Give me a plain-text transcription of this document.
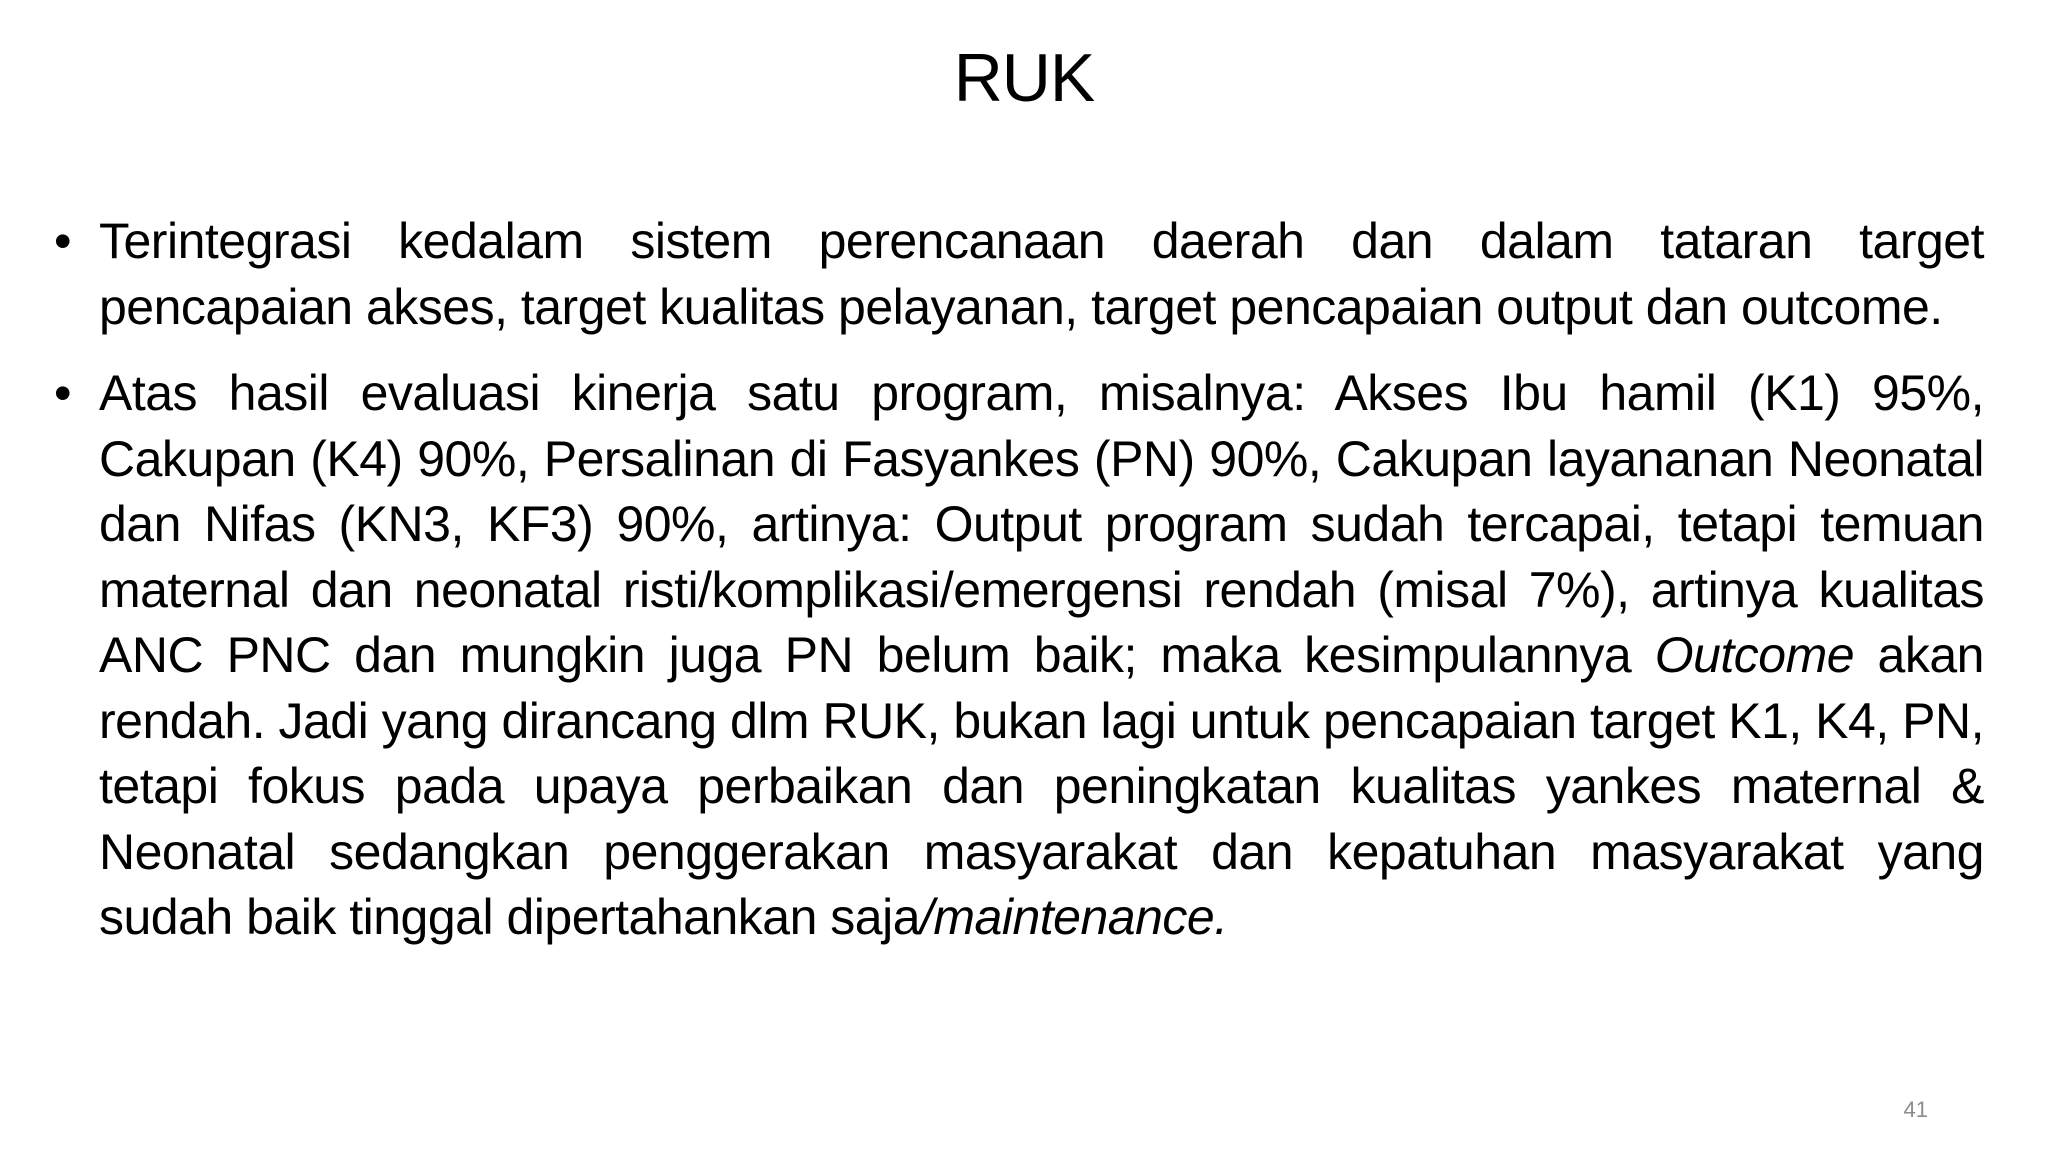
RUK
• Terintegrasi kedalam sistem perencanaan daerah dan dalam tataran target pencapaian akses, target kualitas pelayanan, target pencapaian output dan outcome.
• Atas hasil evaluasi kinerja satu program, misalnya: Akses Ibu hamil (K1) 95%, Cakupan (K4) 90%, Persalinan di Fasyankes (PN) 90%, Cakupan layananan Neonatal dan Nifas (KN3, KF3) 90%, artinya: Output program sudah tercapai, tetapi temuan maternal dan neonatal risti/komplikasi/emergensi rendah (misal 7%), artinya kualitas ANC PNC dan mungkin juga PN belum baik; maka kesimpulannya Outcome akan rendah. Jadi yang dirancang dlm RUK, bukan lagi untuk pencapaian target K1, K4, PN, tetapi fokus pada upaya perbaikan dan peningkatan kualitas yankes maternal & Neonatal sedangkan penggerakan masyarakat dan kepatuhan masyarakat yang sudah baik tinggal dipertahankan saja/maintenance.
41
